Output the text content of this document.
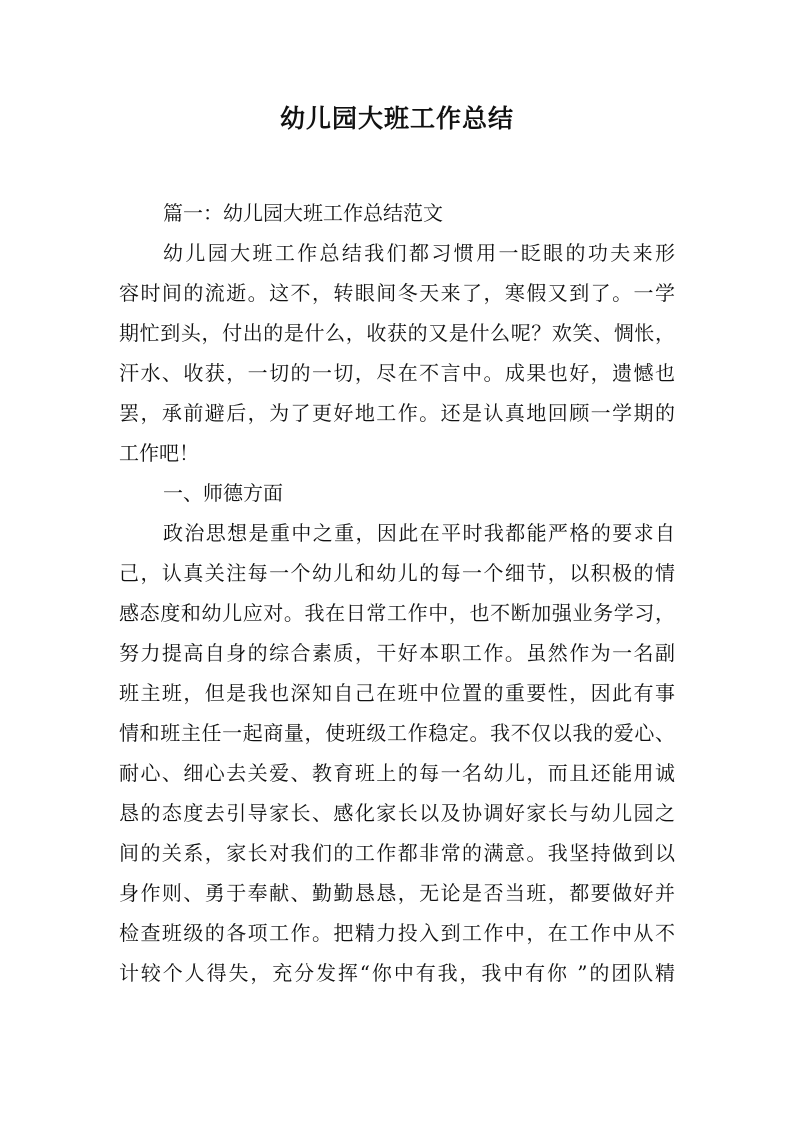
幼儿园大班工作总结
篇一：幼儿园大班工作总结范文
幼儿园大班工作总结我们都习惯用一眨眼的功夫来形
容时间的流逝。这不，转眼间冬天来了，寒假又到了。一学
期忙到头，付出的是什么，收获的又是什么呢？欢笑、惆怅，
汗水、收获，一切的一切，尽在不言中。成果也好，遗憾也
罢，承前避后，为了更好地工作。还是认真地回顾一学期的
工作吧！
一、师德方面
政治思想是重中之重，因此在平时我都能严格的要求自
己，认真关注每一个幼儿和幼儿的每一个细节，以积极的情
感态度和幼儿应对。我在日常工作中，也不断加强业务学习，
努力提高自身的综合素质，干好本职工作。虽然作为一名副
班主班，但是我也深知自己在班中位置的重要性，因此有事
情和班主任一起商量，使班级工作稳定。我不仅以我的爱心、
耐心、细心去关爱、教育班上的每一名幼儿，而且还能用诚
恳的态度去引导家长、感化家长以及协调好家长与幼儿园之
间的关系，家长对我们的工作都非常的满意。我坚持做到以
身作则、勇于奉献、勤勤恳恳，无论是否当班，都要做好并
检查班级的各项工作。把精力投入到工作中，在工作中从不
计较个人得失，充分发挥“你中有我，我中有你 ”的团队精
